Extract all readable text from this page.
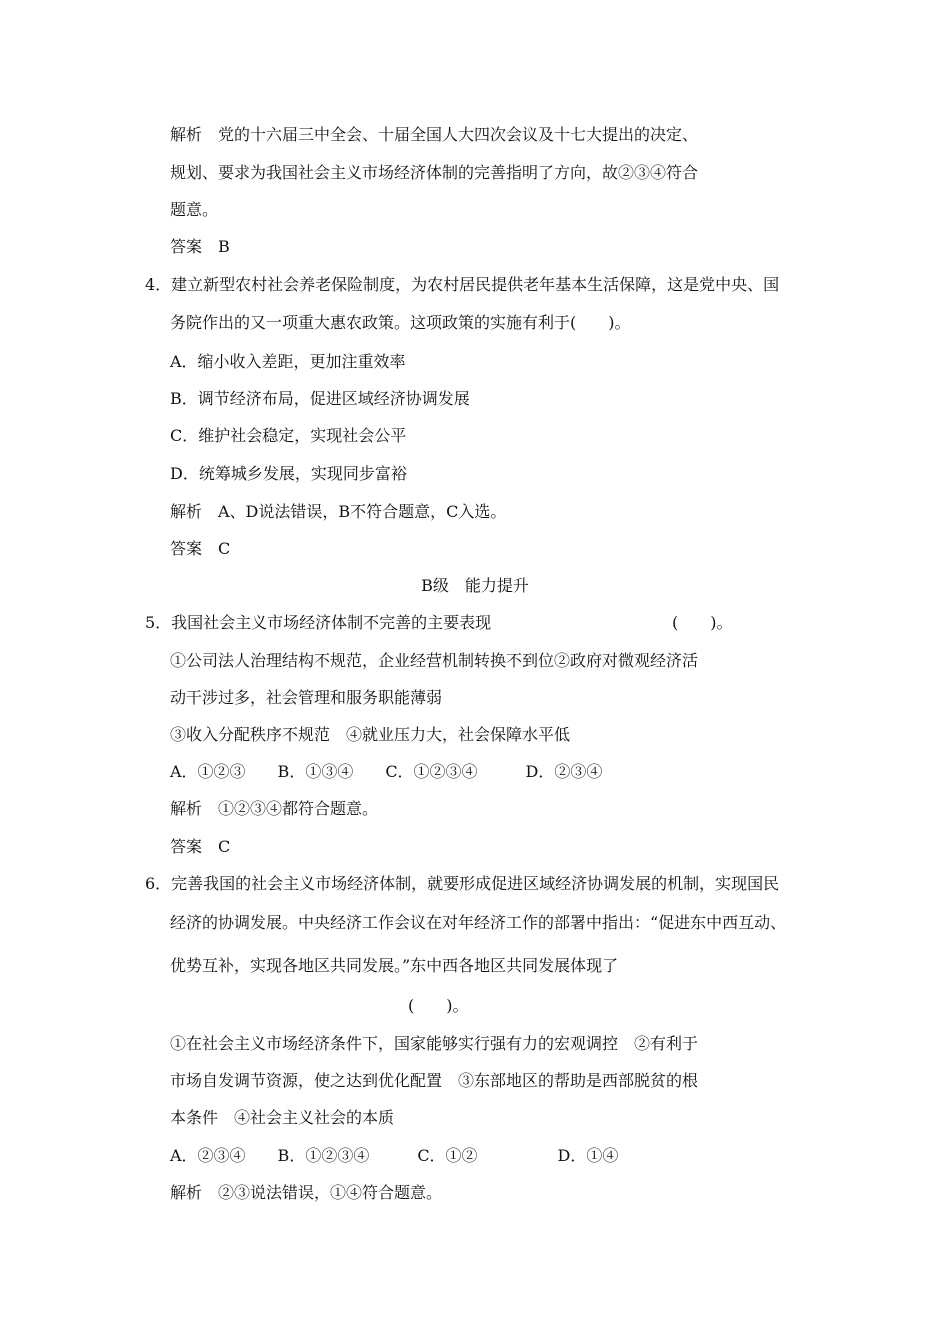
解析　党的十六届三中全会、十届全国人大四次会议及十七大提出的决定、
规划、要求为我国社会主义市场经济体制的完善指明了方向，故②③④符合
题意。
答案　B
4．建立新型农村社会养老保险制度，为农村居民提供老年基本生活保障，这是党中央、国
务院作出的又一项重大惠农政策。这项政策的实施有利于(　　)。
A．缩小收入差距，更加注重效率
B．调节经济布局，促进区域经济协调发展
C．维护社会稳定，实现社会公平
D．统筹城乡发展，实现同步富裕
解析　A、D说法错误，B不符合题意，C入选。
答案　C
B级　能力提升
5．我国社会主义市场经济体制不完善的主要表现	(　　)。
①公司法人治理结构不规范，企业经营机制转换不到位②政府对微观经济活
动干涉过多，社会管理和服务职能薄弱
③收入分配秩序不规范　④就业压力大，社会保障水平低
A．①②③　　B．①③④　　C．①②③④　　　D．②③④
解析　①②③④都符合题意。
答案　C
6．完善我国的社会主义市场经济体制，就要形成促进区域经济协调发展的机制，实现国民
经济的协调发展。中央经济工作会议在对年经济工作的部署中指出：“促进东中西互动、
优势互补，实现各地区共同发展。”东中西各地区共同发展体现了
(　　)。
①在社会主义市场经济条件下，国家能够实行强有力的宏观调控　②有利于
市场自发调节资源，使之达到优化配置　③东部地区的帮助是西部脱贫的根
本条件　④社会主义社会的本质
A．②③④　　B．①②③④　　　C．①②　　　　　D．①④
解析　②③说法错误，①④符合题意。
